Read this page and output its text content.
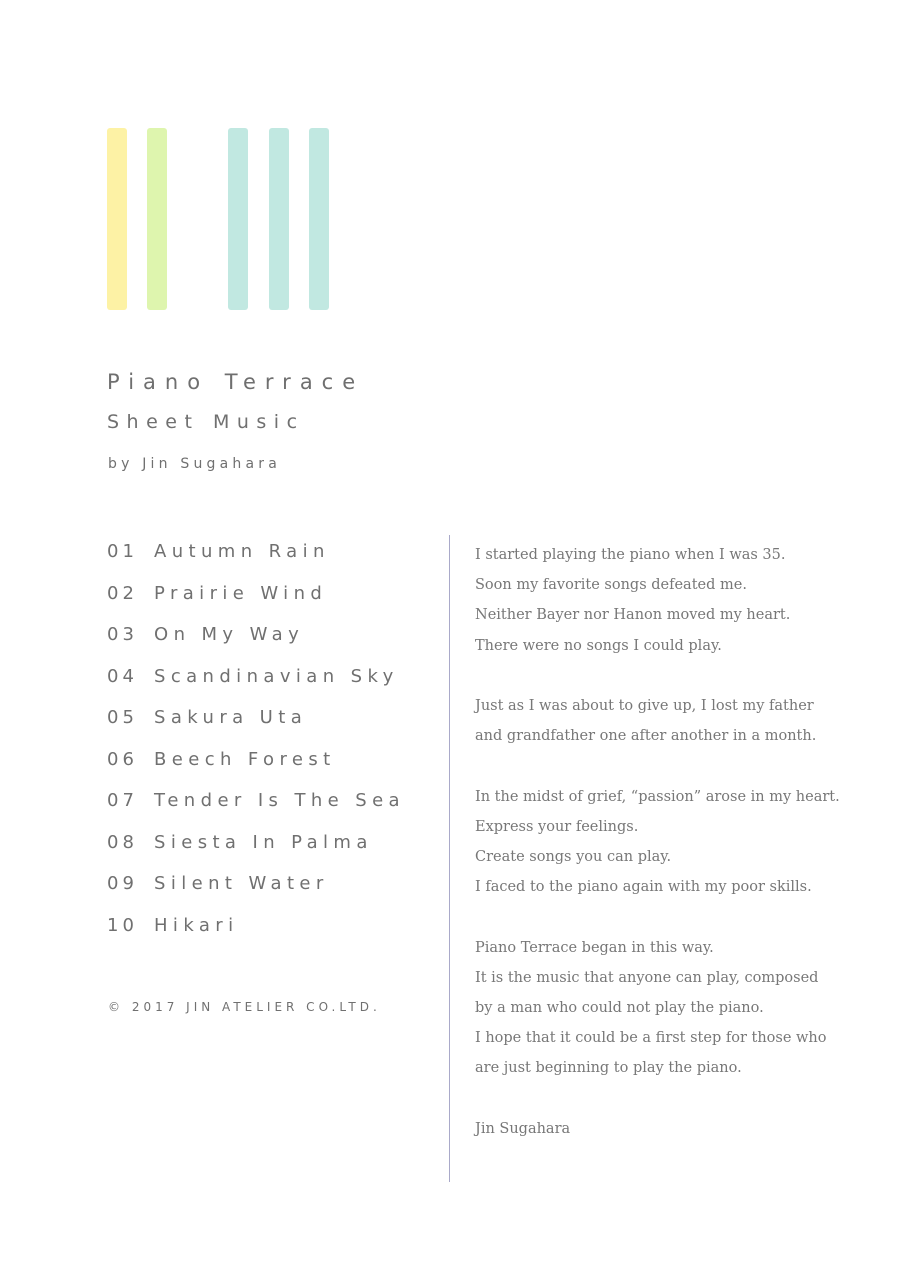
Piano Terrace
Sheet Music
by Jin Sugahara
01 Autumn Rain
02 Prairie Wind
03 On My Way
04 Scandinavian Sky
05 Sakura Uta
06 Beech Forest
07 Tender Is The Sea
08 Siesta In Palma
09 Silent Water
10 Hikari
© 2017 JIN ATELIER CO.LTD.

I started playing the piano when I was 35.
Soon my favorite songs defeated me.
Neither Bayer nor Hanon moved my heart.
There were no songs I could play.

Just as I was about to give up, I lost my father
and grandfather one after another in a month.

In the midst of grief, “passion” arose in my heart.
Express your feelings.
Create songs you can play.
I faced to the piano again with my poor skills.

Piano Terrace began in this way.
It is the music that anyone can play, composed
by a man who could not play the piano.
I hope that it could be a first step for those who
are just beginning to play the piano.

Jin Sugahara
